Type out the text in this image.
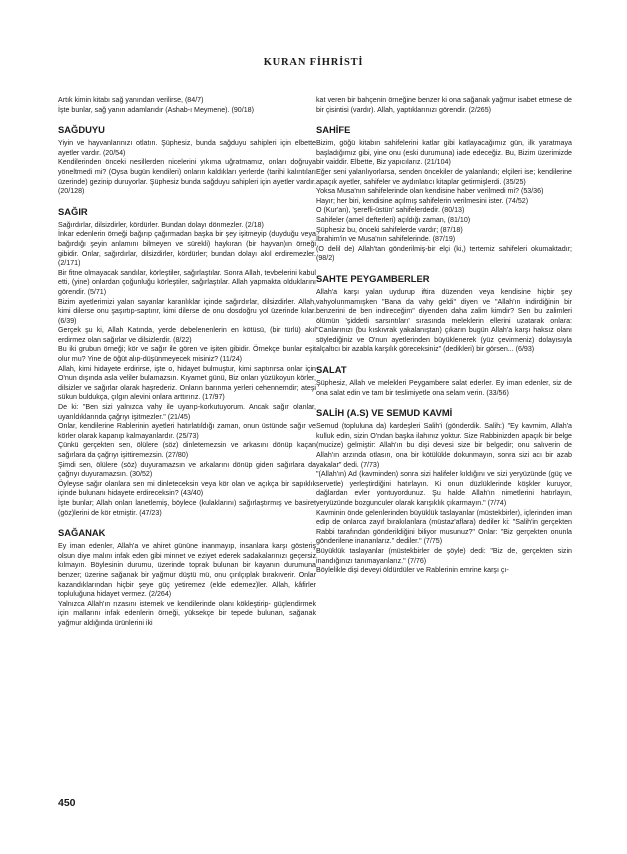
KURAN FİHRİSTİ

Artık kimin kitabı sağ yanından verilirse, (84/7)

İşte bunlar, sağ yanın adamlarıdır (Ashab-ı Meymene). (90/18)

SAĞDUYU

Yiyin ve hayvanlarınızı otlatın. Şüphesiz, bunda sağduyu sahipleri için elbette ayetler vardır. (20/54)

Kendilerinden önceki nesillerden nicelerini yıkıma uğratmamız, onları doğruya yöneltmedi mi? (Oysa bugün kendileri) onların kaldıkları yerlerde (tarihi kalıntıları üzerinde) gezinip duruyorlar. Şüphesiz bunda sağduyu sahipleri için ayetler vardır. (20/128)

SAĞIR

Sağırdırlar, dilsizdirler, kördürler. Bundan dolayı dönmezler. (2/18)

İnkar edenlerin örneği bağırıp çağırmadan başka bir şey işitmeyip (duyduğu veya bağırdığı şeyin anlamını bilmeyen ve sürekli) haykıran (bir hayvan)ın örneği gibidir. Onlar, sağırdırlar, dilsizdirler, kördürler; bundan dolayı akıl erdiremezler. (2/171)

Bir fitne olmayacak sandılar, körleştiler, sağırlaştılar. Sonra Allah, tevbelerini kabul etti, (yine) onlardan çoğunluğu körleştiler, sağırlaştılar. Allah yapmakta olduklarını görendir. (5/71)

Bizim ayetlerimizi yalan sayanlar karanlıklar içinde sağırdırlar, dilsizdirler. Allah, kimi dilerse onu şaşırtıp-saptırır, kimi dilerse de onu dosdoğru yol üzerinde kılar. (6/39)

Gerçek şu ki, Allah Katında, yerde debelenenlerin en kötüsü, (bir türlü) akıl erdirmez olan sağırlar ve dilsizlerdir. (8/22)

Bu iki grubun örneği; kör ve sağır ile gören ve işiten gibidir. Örnekçe bunlar eşit olur mu? Yine de öğüt alıp-düşünmeyecek misiniz? (11/24)

Allah, kimi hidayete erdirirse, işte o, hidayet bulmuştur, kimi saptırırsa onlar için O'nun dışında asla veliler bulamazsın. Kıyamet günü, Biz onları yüzükoyun körler, dilsizler ve sağırlar olarak haşrederiz. Onların barınma yerleri cehennemdir; ateşi sükun buldukça, çılgın alevini onlara arttırırız. (17/97)

De ki: "Ben sizi yalnızca vahy ile uyarıp-korkutuyorum. Ancak sağır olanlar, uyarıldıklarında çağrıyı işitmezler." (21/45)

Onlar, kendilerine Rablerinin ayetleri hatırlatıldığı zaman, onun üstünde sağır ve körler olarak kapanıp kalmayanlardır. (25/73)

Çünkü gerçekten sen, ölülere (söz) dinletemezsin ve arkasını dönüp kaçan sağırlara da çağrıyı işittiremezsin. (27/80)

Şimdi sen, ölülere (söz) duyuramazsın ve arkalarını dönüp giden sağırlara da çağrıyı duyuramazsın. (30/52)

Öyleyse sağır olanlara sen mi dinleteceksin veya kör olan ve açıkça bir sapıklık içinde bulunanı hidayete erdireceksin? (43/40)

İşte bunlar; Allah onları lanetlemiş, böylece (kulaklarını) sağırlaştırmış ve basiret (göz)lerini de kör etmiştir. (47/23)

SAĞANAK

Ey iman edenler, Allah'a ve ahiret gününe inanmayıp, insanlara karşı gösteriş olsun diye malını infak eden gibi minnet ve eziyet ederek sadakalarınızı geçersiz kılmayın. Böylesinin durumu, üzerinde toprak bulunan bir kayanın durumuna benzer; üzerine sağanak bir yağmur düştü mü, onu çırılçıplak bırakıverir. Onlar kazandıklarından hiçbir şeye güç yetiremez (elde edemez)ler. Allah, kâfirler topluluğuna hidayet vermez. (2/264)

Yalnızca Allah'ın rızasını istemek ve kendilerinde olanı kökleştirip- güçlendirmek için mallarını infak edenlerin örneği, yüksekçe bir tepede bulunan, sağanak yağmur aldığında ürünlerini iki

kat veren bir bahçenin örneğine benzer ki ona sağanak yağmur isabet etmese de bir çisintisi (vardır). Allah, yaptıklarınızı görendir. (2/265)

SAHİFE

Bizim, göğü kitabın sahifelerini katlar gibi katlayacağımız gün, ilk yaratmaya başladığımız gibi, yine onu (eski durumuna) iade edeceğiz. Bu, Bizim üzerimizde bir vaiddir. Elbette, Biz yapıcılarız. (21/104)

Eğer seni yalanlıyorlarsa, senden öncekiler de yalanlandı; elçileri ise; kendilerine apaçık ayetler, sahifeler ve aydınlatıcı kitaplar getirmişlerdi. (35/25)

Yoksa Musa'nın sahifelerinde olan kendisine haber verilmedi mi? (53/36)

Hayır; her biri, kendisine açılmış sahifelerin verilmesini ister. (74/52)

O (Kur'an), 'şerefli-üstün' sahifelerdedir. (80/13)

Sahifeler (amel defterleri) açıldığı zaman, (81/10)

Şüphesiz bu, önceki sahifelerde vardır; (87/18)

İbrahim'in ve Musa'nın sahifelerinde. (87/19)

(O delil de) Allah'tan gönderilmiş-bir elçi (ki,) tertemiz sahifeleri okumaktadır; (98/2)

SAHTE PEYGAMBERLER

Allah'a karşı yalan uydurup iftira düzenden veya kendisine hiçbir şey vahyolunmamışken "Bana da vahy geldi" diyen ve "Allah'ın indirdiğinin bir benzerini de ben indireceğim" diyenden daha zalim kimdir? Sen bu zalimleri ölümün 'şiddetli sarsıntıları' sırasında meleklerin ellerini uzatarak onlara: "Canlarınızı (bu kıskıvrak yakalanıştan) çıkarın bugün Allah'a karşı haksız olanı söylediğiniz ve O'nun ayetlerinden büyüklenerek (yüz çevirmeniz) dolayısıyla alçaltıcı bir azabla karşılık göreceksiniz" (dedikleri) bir görsen... (6/93)

SALAT

Şüphesiz, Allah ve melekleri Peygambere salat ederler. Ey iman edenler, siz de ona salat edin ve tam bir teslimiyetle ona selam verin. (33/56)

SALİH (A.S) VE SEMUD KAVMİ

Semud (topluluna da) kardeşleri Salih'i (gönderdik. Salih:) "Ey kavmim, Allah'a kulluk edin, sizin O'ndan başka ilahınız yoktur. Size Rabbinizden apaçık bir belge (mucize) gelmiştir: Allah'ın bu dişi devesi size bir belgedir; onu salıverin de Allah'ın arzında otlasın, ona bir kötülükle dokunmayın, sonra sizi acı bir azab yakalar" dedi. (7/73)

"(Allah'ın) Ad (kavminden) sonra sizi halifeler kıldığını ve sizi yeryüzünde (güç ve servetle) yerleştirdiğini hatırlayın. Ki onun düzlüklerinde köşkler kuruyor, dağlardan evler yontuyordunuz. Şu halde Allah'ın nimetlerini hatırlayın, yeryüzünde bozgunculer olarak karışıklık çıkarmayın." (7/74)

Kavminin önde gelenlerinden büyüklük taslayanlar (müstekbirler), içlerinden iman edip de onlarca zayıf bırakılanlara (müstaz'aflara) dediler ki: "Salih'in gerçekten Rabbi tarafından gönderildiğini biliyor musunuz?" Onlar: "Biz gerçekten onunla gönderilene inananlarız." dediler." (7/75)

Büyüklük taslayanlar (müstekbirler de şöyle) dedi: "Biz de, gerçekten sizin inandığınızı tanımayanlarız." (7/76)

Böylelikle dişi deveyi öldürdüler ve Rablerinin emrine karşı çı-

450
